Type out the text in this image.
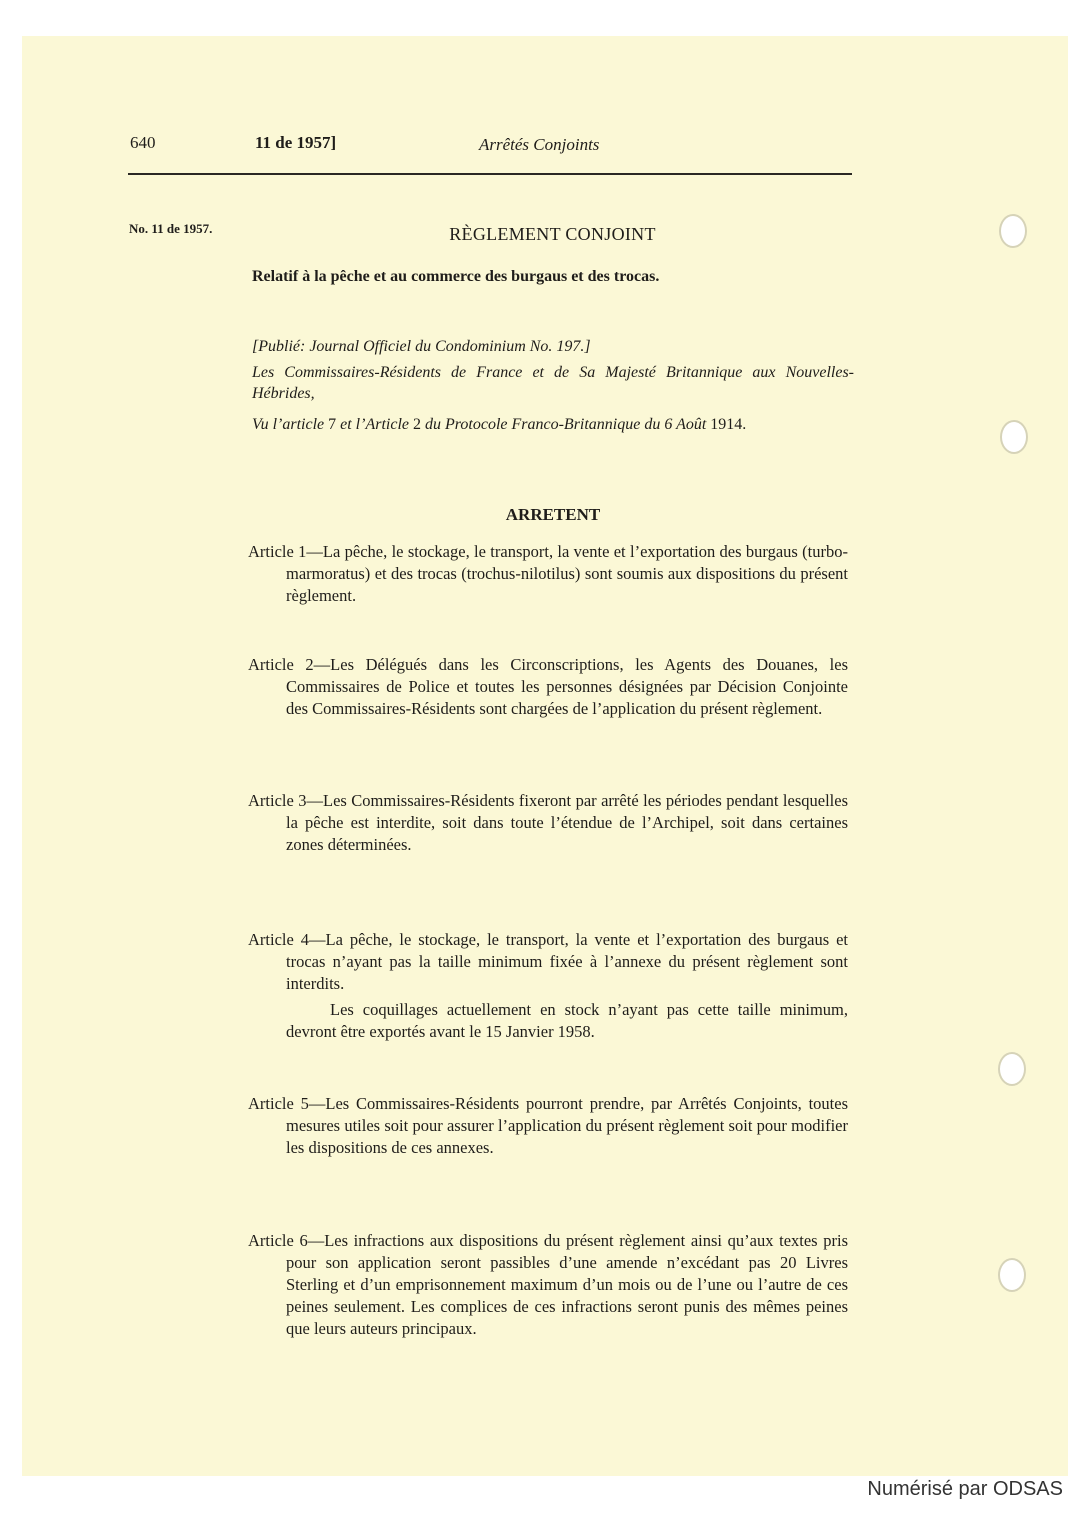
640	11 de 1957]	Arrêtés Conjoints
No. 11 de 1957.	RÈGLEMENT CONJOINT
Relatif à la pêche et au commerce des burgaus et des trocas.
[Publié: Journal Officiel du Condominium No. 197.]
Les Commissaires-Résidents de France et de Sa Majesté Britannique aux Nouvelles-Hébrides,
Vu l’article 7 et l’Article 2 du Protocole Franco-Britannique du 6 Août 1914.
ARRETENT

Article 1—La pêche, le stockage, le transport, la vente et l’exportation des burgaus (turbo-marmoratus) et des trocas (trochus-nilotilus) sont soumis aux dispositions du présent règlement.

Article 2—Les Délégués dans les Circonscriptions, les Agents des Douanes, les Commissaires de Police et toutes les personnes désignées par Décision Conjointe des Commissaires-Résidents sont chargées de l’application du présent règlement.

Article 3—Les Commissaires-Résidents fixeront par arrêté les périodes pendant lesquelles la pêche est interdite, soit dans toute l’étendue de l’Archipel, soit dans certaines zones déterminées.

Article 4—La pêche, le stockage, le transport, la vente et l’exportation des burgaus et trocas n’ayant pas la taille minimum fixée à l’annexe du présent règlement sont interdits.

Les coquillages actuellement en stock n’ayant pas cette taille minimum, devront être exportés avant le 15 Janvier 1958.

Article 5—Les Commissaires-Résidents pourront prendre, par Arrêtés Conjoints, toutes mesures utiles soit pour assurer l’application du présent règlement soit pour modifier les dispositions de ces annexes.

Article 6—Les infractions aux dispositions du présent règlement ainsi qu’aux textes pris pour son application seront passibles d’une amende n’excédant pas 20 Livres Sterling et d’un emprisonnement maximum d’un mois ou de l’une ou l’autre de ces peines seulement. Les complices de ces infractions seront punis des mêmes peines que leurs auteurs principaux.

Numérisé par ODSAS
